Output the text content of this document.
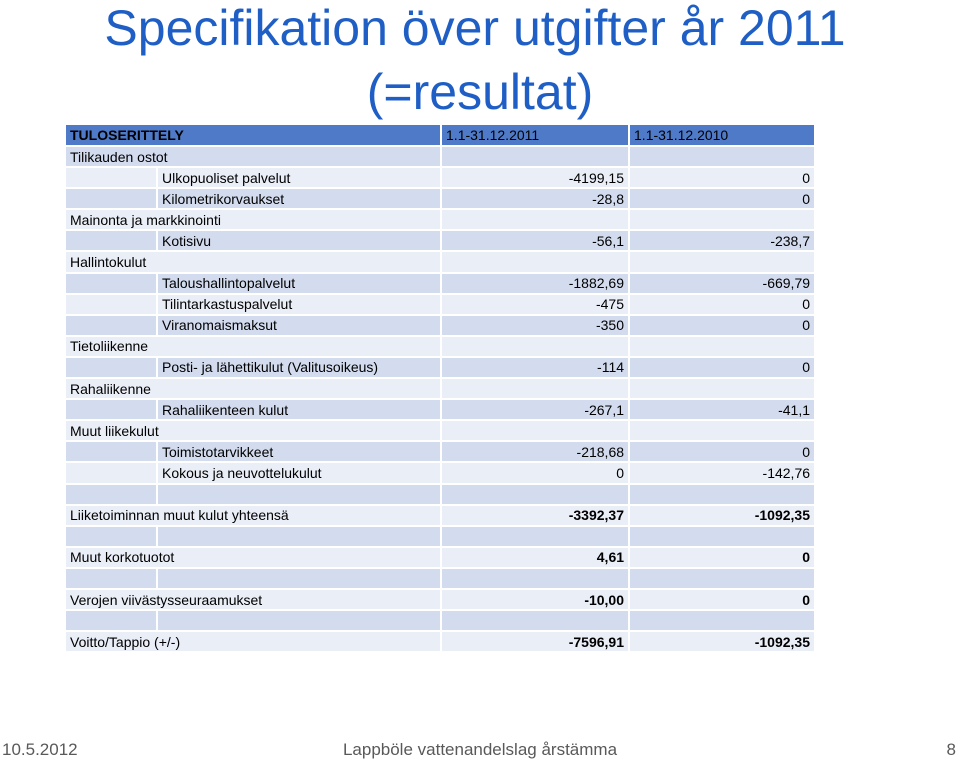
Specifikation över utgifter år 2011
(=resultat)
TULOSERITTELY		1.1-31.12.2011	1.1-31.12.2010
Tilikauden ostot			
	Ulkopuoliset palvelut	-4199,15	0
	Kilometrikorvaukset	-28,8	0
Mainonta ja markkinointi			
	Kotisivu	-56,1	-238,7
Hallintokulut			
	Taloushallintopalvelut	-1882,69	-669,79
	Tilintarkastuspalvelut	-475	0
	Viranomaismaksut	-350	0
Tietoliikenne			
	Posti- ja lähettikulut (Valitusoikeus)	-114	0
Rahaliikenne			
	Rahaliikenteen kulut	-267,1	-41,1
Muut liikekulut			
	Toimistotarvikkeet	-218,68	0
	Kokous ja neuvottelukulut	0	-142,76

Liiketoiminnan muut kulut yhteensä		-3392,37	-1092,35

Muut korkotuotot		4,61	0

Verojen viivästysseuraamukset		-10,00	0

Voitto/Tappio (+/-)		-7596,91	-1092,35
10.5.2012	Lappböle vattenandelslag årstämma	8
